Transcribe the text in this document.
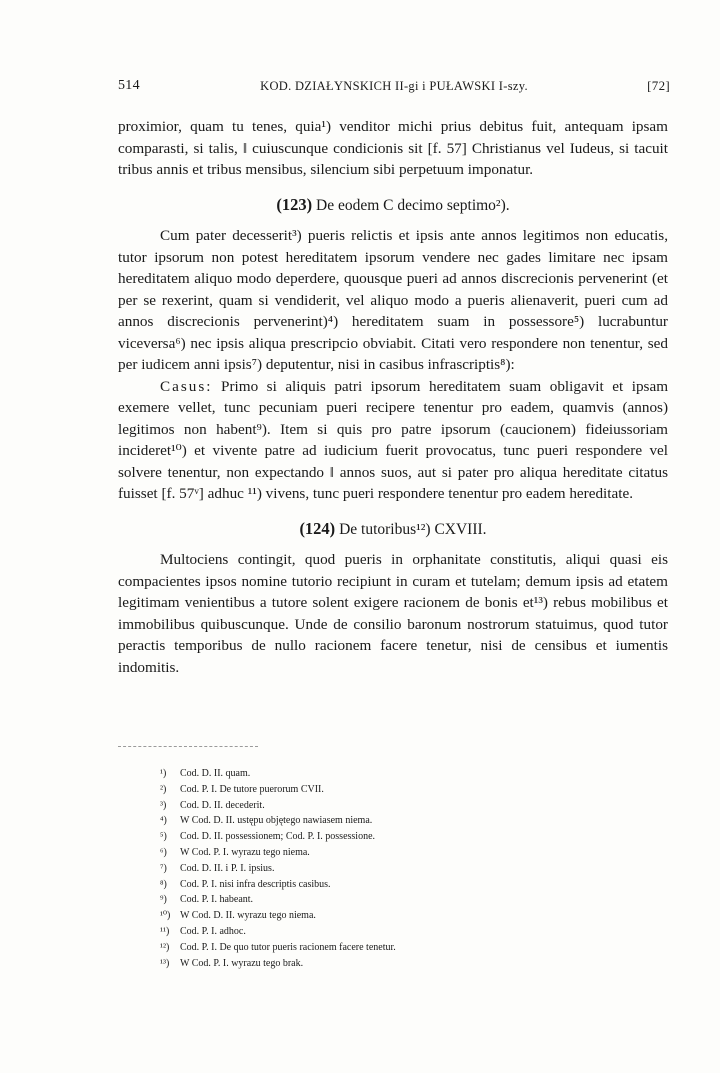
514	KOD. DZIAŁYNSKICH II-gi i PUŁAWSKI I-szy.	[72]

proximior, quam tu tenes, quia¹) venditor michi prius debitus fuit, antequam ipsam comparasti, si talis, ‖ cuiuscunque condicionis sit [f. 57] Christianus vel Iudeus, si tacuit tribus annis et tribus mensibus, silencium sibi perpetuum imponatur.

(123) De eodem C decimo septimo²).

Cum pater decesserit³) pueris relictis et ipsis ante annos legitimos non educatis, tutor ipsorum non potest hereditatem ipsorum vendere nec gades limitare nec ipsam hereditatem aliquo modo deperdere, quousque pueri ad annos discrecionis pervenerint (et per se rexerint, quam si vendiderit, vel aliquo modo a pueris alienaverit, pueri cum ad annos discrecionis pervenerint)⁴) hereditatem suam in possessore⁵) lucrabuntur viceversa⁶) nec ipsis aliqua prescripcio obviabit. Citati vero respondere non tenentur, sed per iudicem anni ipsis⁷) deputentur, nisi in casibus infrascriptis⁸):

Casus: Primo si aliquis patri ipsorum hereditatem suam obligavit et ipsam exemere vellet, tunc pecuniam pueri recipere tenentur pro eadem, quamvis (annos) legitimos non habent⁹). Item si quis pro patre ipsorum (caucionem) fideiussoriam incideret¹⁰) et vivente patre ad iudicium fuerit provocatus, tunc pueri respondere vel solvere tenentur, non expectando ‖ annos suos, aut si pater pro aliqua hereditate citatus fuisset [f. 57ᵛ] adhuc ¹¹) vivens, tunc pueri respondere tenentur pro eadem hereditate.

(124) De tutoribus¹²) CXVIII.

Multociens contingit, quod pueris in orphanitate constitutis, aliqui quasi eis compacientes ipsos nomine tutorio recipiunt in curam et tutelam; demum ipsis ad etatem legitimam venientibus a tutore solent exigere racionem de bonis et¹³) rebus mobilibus et immobilibus quibuscunque. Unde de consilio baronum nostrorum statuimus, quod tutor peractis temporibus de nullo racionem facere tenetur, nisi de censibus et iumentis indomitis.

¹) Cod. D. II. quam.
²) Cod. P. I. De tutore puerorum CVII.
³) Cod. D. II. decederit.
⁴) W Cod. D. II. ustępu objętego nawiasem niema.
⁵) Cod. D. II. possessionem; Cod. P. I. possessione.
⁶) W Cod. P. I. wyrazu tego niema.
⁷) Cod. D. II. i P. I. ipsius.
⁸) Cod. P. I. nisi infra descriptis casibus.
⁹) Cod. P. I. habeant.
¹⁰) W Cod. D. II. wyrazu tego niema.
¹¹) Cod. P. I. adhoc.
¹²) Cod. P. I. De quo tutor pueris racionem facere tenetur.
¹³) W Cod. P. I. wyrazu tego brak.
